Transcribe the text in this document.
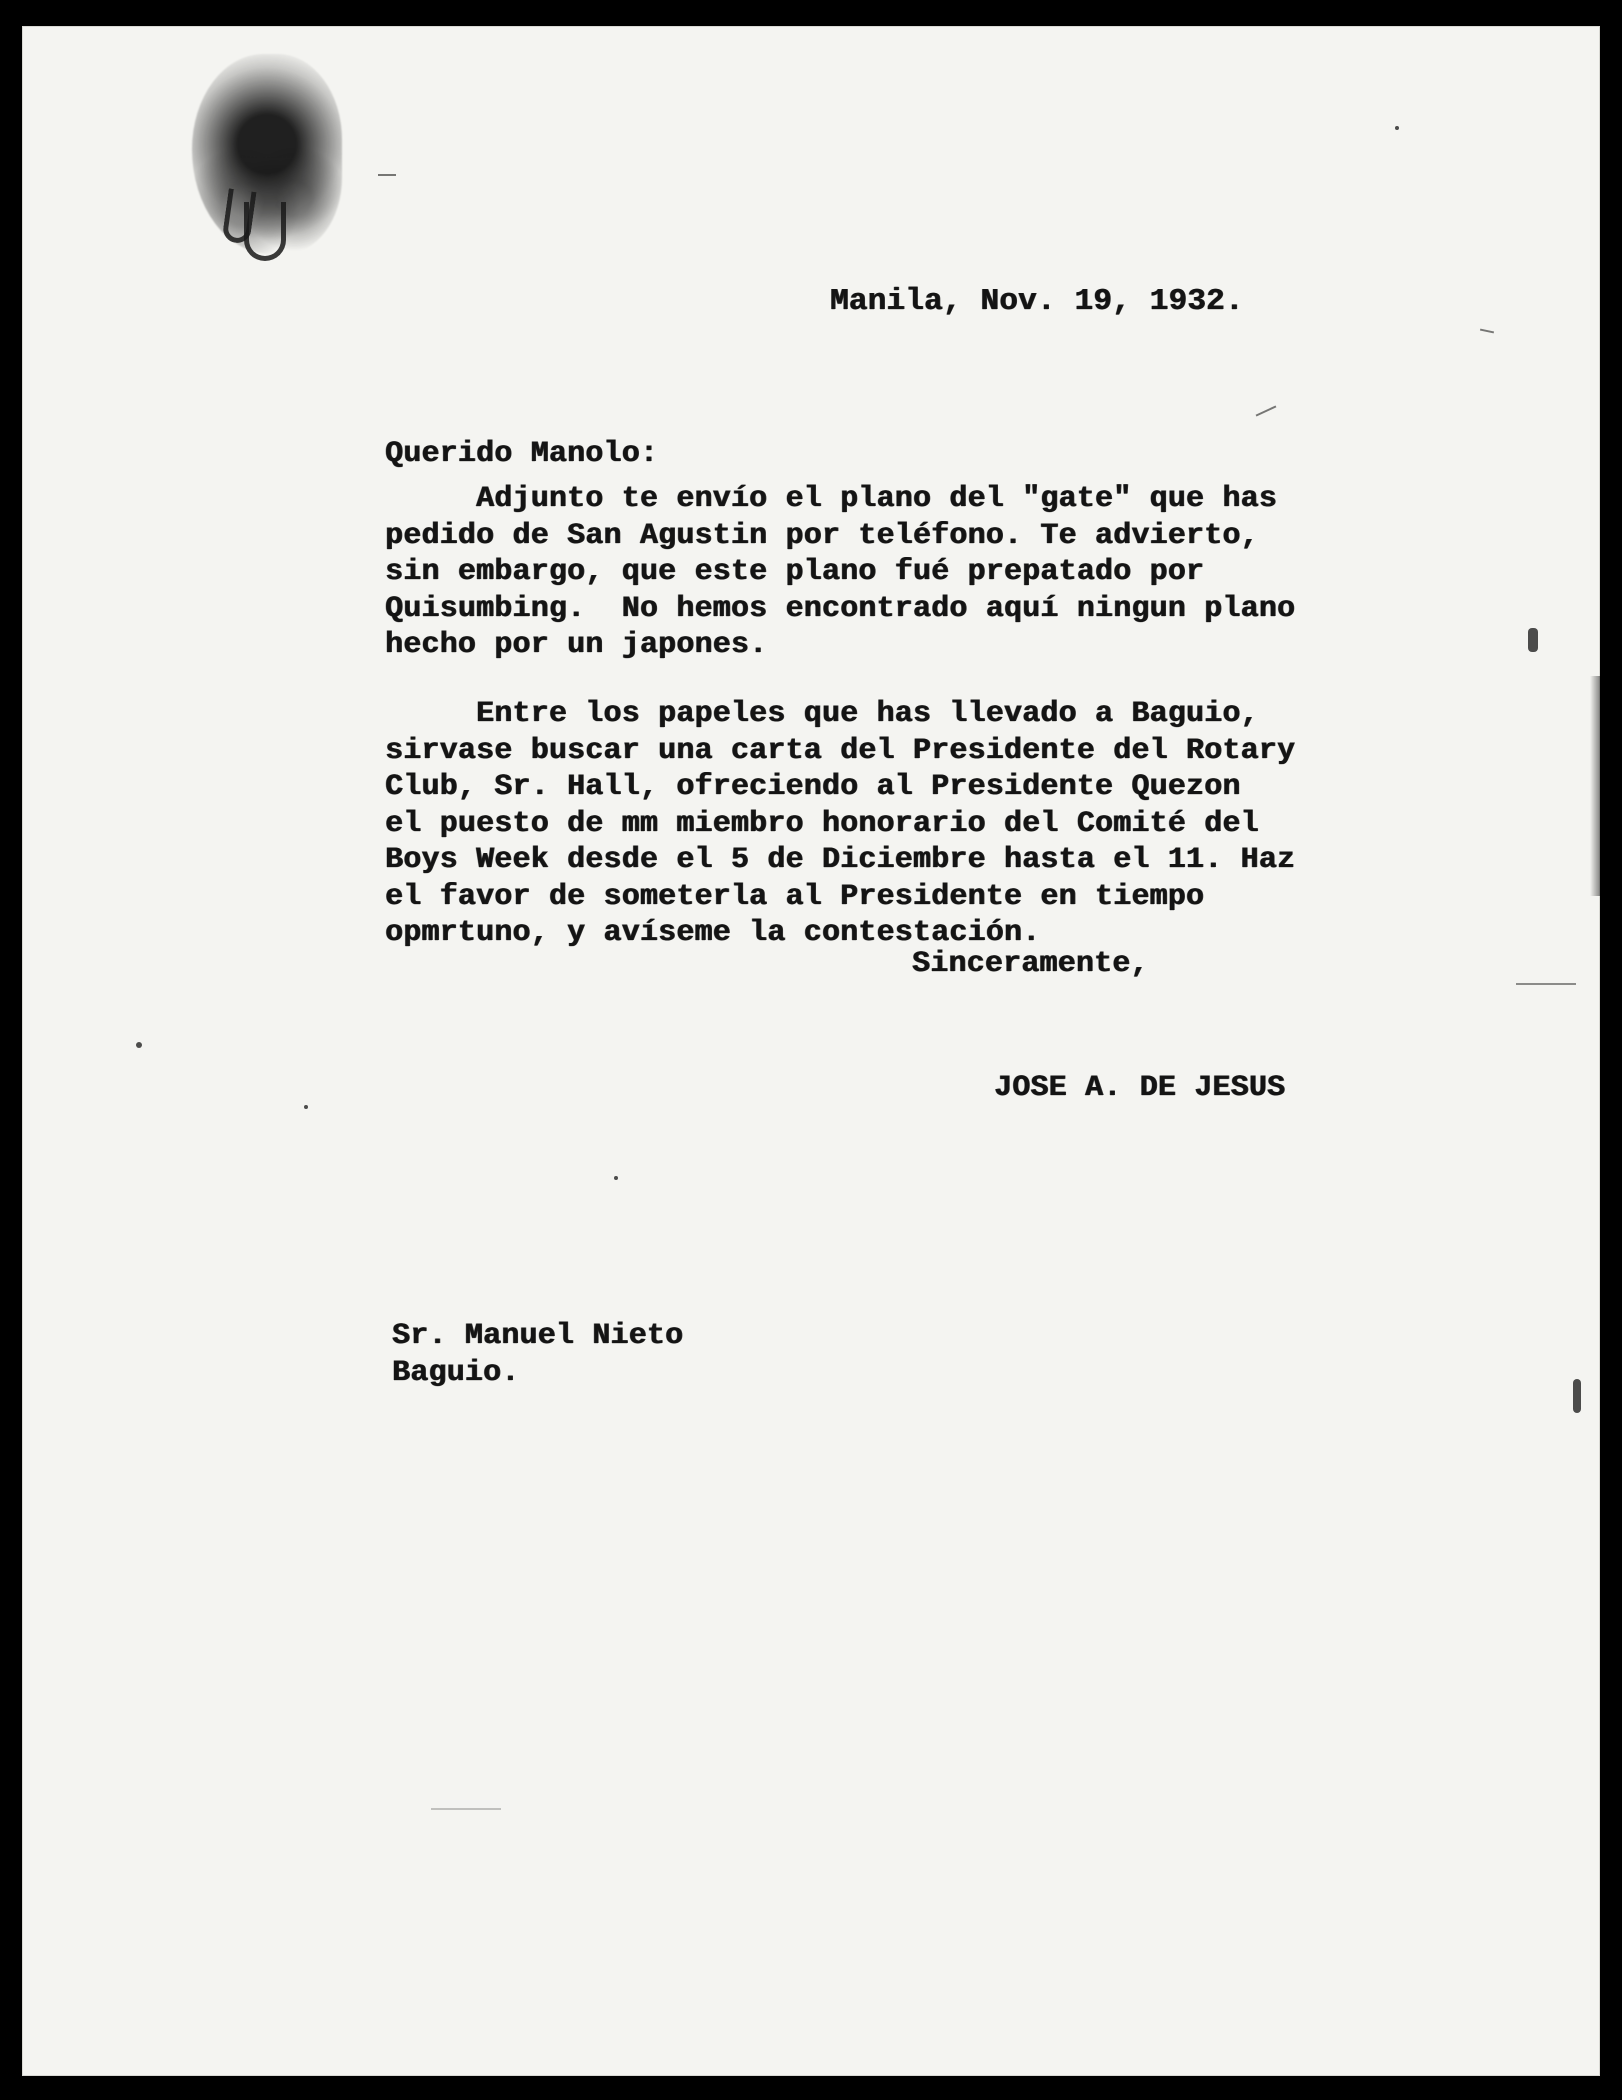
Manila, Nov. 19, 1932.

Querido Manolo:

Adjunto te envío el plano del "gate" que has
pedido de San Agustin por teléfono. Te advierto,
sin embargo, que este plano fué prepatado por
Quisumbing.  No hemos encontrado aquí ningun plano
hecho por un japones.

Entre los papeles que has llevado a Baguio,
sirvase buscar una carta del Presidente del Rotary
Club, Sr. Hall, ofreciendo al Presidente Quezon
el puesto de mm miembro honorario del Comité del
Boys Week desde el 5 de Diciembre hasta el 11. Haz
el favor de someterla al Presidente en tiempo
opmrtuno, y avíseme la contestación.

Sinceramente,

JOSE A. DE JESUS

Sr. Manuel Nieto
Baguio.
